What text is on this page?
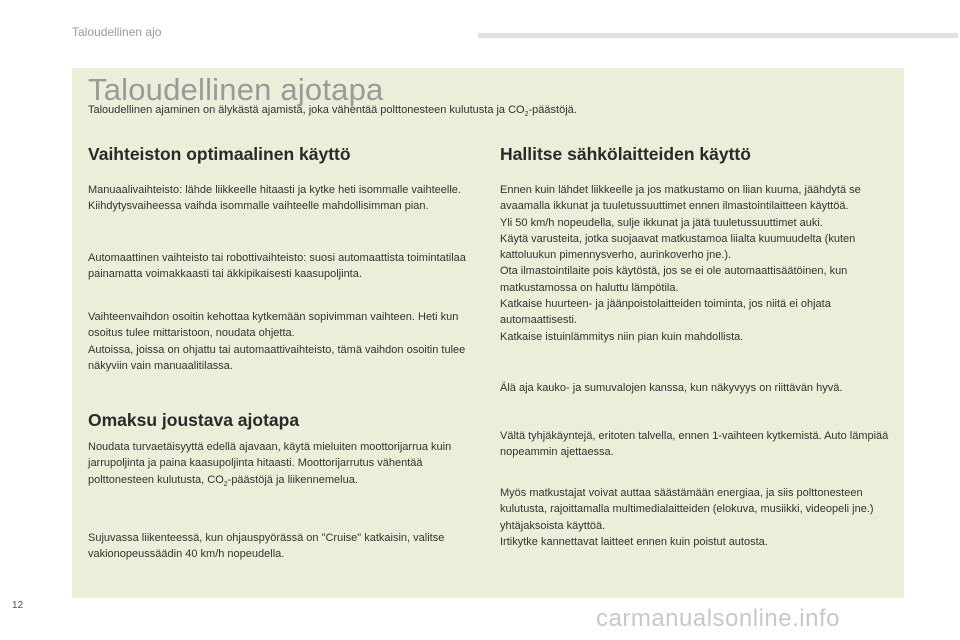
Taloudellinen ajo
Taloudellinen ajotapa
Taloudellinen ajaminen on älykästä ajamista, joka vähentää polttonesteen kulutusta ja $CO_2$-päästöjä.
Vaihteiston optimaalinen käyttö

Manuaalivaihteisto: lähde liikkeelle hitaasti ja kytke heti isommalle vaihteelle. Kiihdytysvaiheessa vaihda isommalle vaihteelle mahdollisimman pian.

Automaattinen vaihteisto tai robottivaihteisto: suosi automaattista toimintatilaa painamatta voimakkaasti tai äkkipikaisesti kaasupoljinta.

Vaihteenvaihdon osoitin kehottaa kytkemään sopivimman vaihteen. Heti kun osoitus tulee mittaristoon, noudata ohjetta.
Autoissa, joissa on ohjattu tai automaattivaihteisto, tämä vaihdon osoitin tulee näkyviin vain manuaalitilassa.

Omaksu joustava ajotapa

Noudata turvaetäisyyttä edellä ajavaan, käytä mieluiten moottorijarrua kuin jarrupoljinta ja paina kaasupoljinta hitaasti. Moottorijarrutus vähentää polttonesteen kulutusta, $CO_2$-päästöjä ja liikennemelua.

Sujuvassa liikenteessä, kun ohjauspyörässä on "Cruise" katkaisin, valitse vakionopeussäädin 40 km/h nopeudella.

Hallitse sähkölaitteiden käyttö

Ennen kuin lähdet liikkeelle ja jos matkustamo on liian kuuma, jäähdytä se avaamalla ikkunat ja tuuletussuuttimet ennen ilmastointilaitteen käyttöä.
Yli 50 km/h nopeudella, sulje ikkunat ja jätä tuuletussuuttimet auki.
Käytä varusteita, jotka suojaavat matkustamoa liialta kuumuudelta (kuten kattoluukun pimennysverho, aurinkoverho jne.).
Ota ilmastointilaite pois käytöstä, jos se ei ole automaattisäätöinen, kun matkustamossa on haluttu lämpötila.
Katkaise huurteen- ja jäänpoistolaitteiden toiminta, jos niitä ei ohjata automaattisesti.
Katkaise istuinlämmitys niin pian kuin mahdollista.

Älä aja kauko- ja sumuvalojen kanssa, kun näkyvyys on riittävän hyvä.

Vältä tyhjäkäyntejä, eritoten talvella, ennen 1-vaihteen kytkemistä. Auto lämpiää nopeammin ajettaessa.

Myös matkustajat voivat auttaa säästämään energiaa, ja siis polttonesteen kulutusta, rajoittamalla multimedialaitteiden (elokuva, musiikki, videopeli jne.) yhtäjaksoista käyttöä.
Irtikytke kannettavat laitteet ennen kuin poistut autosta.

12	carmanualsonline.info
